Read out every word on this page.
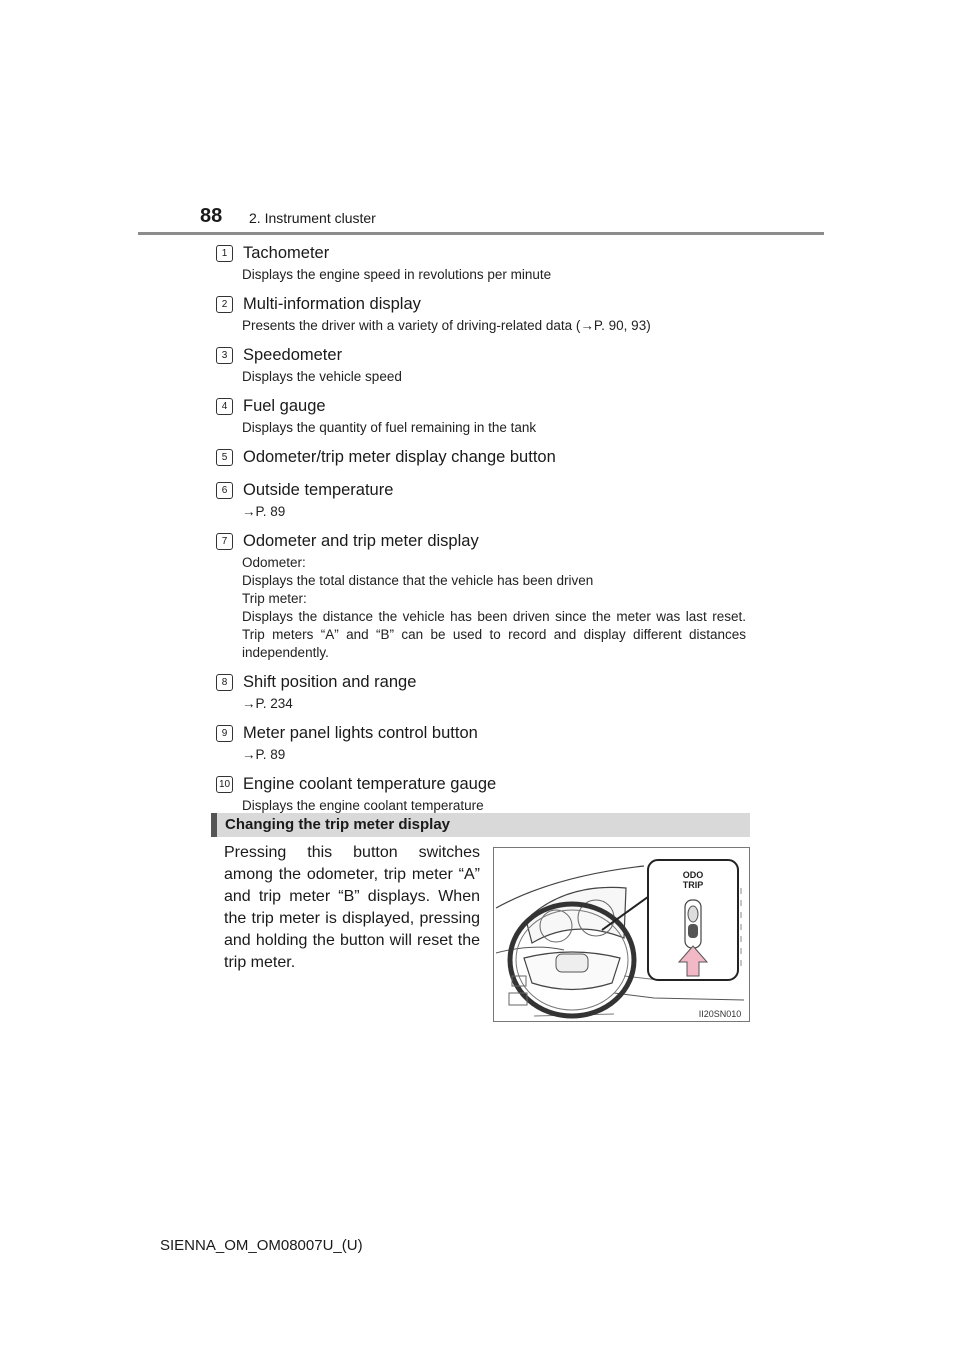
88 2. Instrument cluster
1 Tachometer
Displays the engine speed in revolutions per minute
2 Multi-information display
Presents the driver with a variety of driving-related data (→P. 90, 93)
3 Speedometer
Displays the vehicle speed
4 Fuel gauge
Displays the quantity of fuel remaining in the tank
5 Odometer/trip meter display change button
6 Outside temperature
→P. 89
7 Odometer and trip meter display
Odometer:
Displays the total distance that the vehicle has been driven
Trip meter:
Displays the distance the vehicle has been driven since the meter was last reset. Trip meters “A” and “B” can be used to record and display different distances independently.
8 Shift position and range
→P. 234
9 Meter panel lights control button
→P. 89
10 Engine coolant temperature gauge
Displays the engine coolant temperature
Changing the trip meter display
Pressing this button switches among the odometer, trip meter “A” and trip meter “B” displays. When the trip meter is displayed, pressing and holding the button will reset the trip meter.
ODO
TRIP
II20SN010
SIENNA_OM_OM08007U_(U)
